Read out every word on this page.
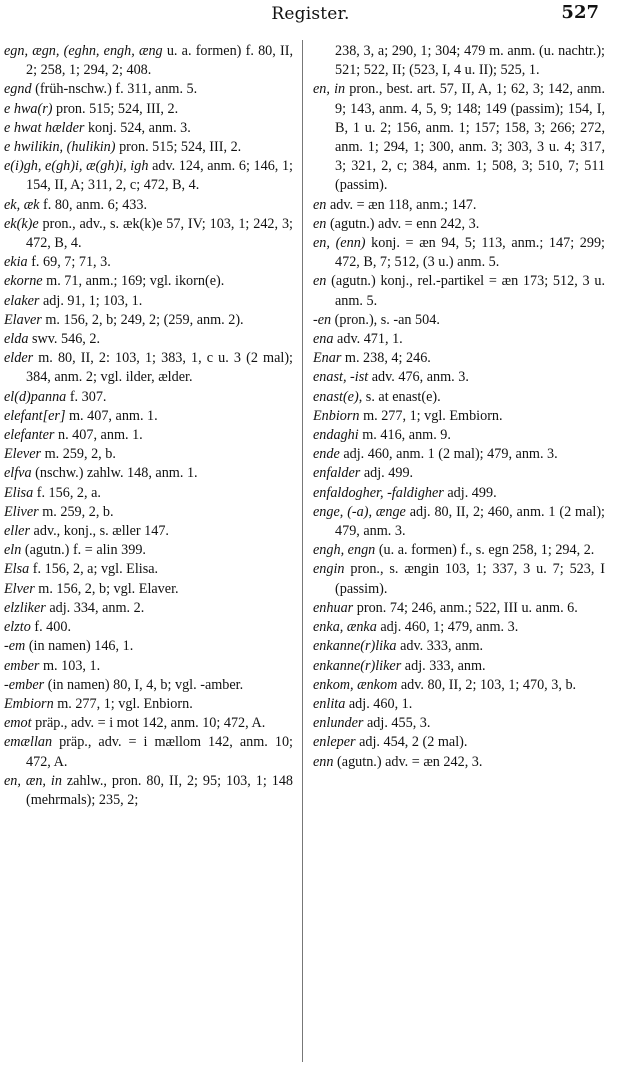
Register.	527

egn, ægn, (eghn, engh, æng u. a. formen) f. 80, II, 2; 258, 1; 294, 2; 408.

egnd (früh-nschw.) f. 311, anm. 5.

e hwa(r) pron. 515; 524, III, 2.

e hwat hælder konj. 524, anm. 3.

e hwilikin, (hulikin) pron. 515; 524, III, 2.

e(i)gh, e(gh)i, æ(gh)i, igh adv. 124, anm. 6; 146, 1; 154, II, A; 311, 2, c; 472, B, 4.

ek, æk f. 80, anm. 6; 433.

ek(k)e pron., adv., s. æk(k)e 57, IV; 103, 1; 242, 3; 472, B, 4.

ekia f. 69, 7; 71, 3.

ekorne m. 71, anm.; 169; vgl. ikorn(e).

elaker adj. 91, 1; 103, 1.

Elaver m. 156, 2, b; 249, 2; (259, anm. 2).

elda swv. 546, 2.

elder m. 80, II, 2: 103, 1; 383, 1, c u. 3 (2 mal); 384, anm. 2; vgl. ilder, ælder.

el(d)panna f. 307.

elefant[er] m. 407, anm. 1.

elefanter n. 407, anm. 1.

Elever m. 259, 2, b.

elfva (nschw.) zahlw. 148, anm. 1.

Elisa f. 156, 2, a.

Eliver m. 259, 2, b.

eller adv., konj., s. æller 147.

eln (agutn.) f. = alin 399.

Elsa f. 156, 2, a; vgl. Elisa.

Elver m. 156, 2, b; vgl. Elaver.

elzliker adj. 334, anm. 2.

elzto f. 400.

-em (in namen) 146, 1.

ember m. 103, 1.

-ember (in namen) 80, I, 4, b; vgl. -amber.

Embiorn m. 277, 1; vgl. Enbiorn.

emot präp., adv. = i mot 142, anm. 10; 472, A.

emællan präp., adv. = i mællom 142, anm. 10; 472, A.

en, æn, in zahlw., pron. 80, II, 2; 95; 103, 1; 148 (mehrmals); 235, 2;

238, 3, a; 290, 1; 304; 479 m. anm. (u. nachtr.); 521; 522, II; (523, I, 4 u. II); 525, 1.

en, in pron., best. art. 57, II, A, 1; 62, 3; 142, anm. 9; 143, anm. 4, 5, 9; 148; 149 (passim); 154, I, B, 1 u. 2; 156, anm. 1; 157; 158, 3; 266; 272, anm. 1; 294, 1; 300, anm. 3; 303, 3 u. 4; 317, 3; 321, 2, c; 384, anm. 1; 508, 3; 510, 7; 511 (passim).

en adv. = æn 118, anm.; 147.

en (agutn.) adv. = enn 242, 3.

en, (enn) konj. = æn 94, 5; 113, anm.; 147; 299; 472, B, 7; 512, (3 u.) anm. 5.

en (agutn.) konj., rel.-partikel = æn 173; 512, 3 u. anm. 5.

-en (pron.), s. -an 504.

ena adv. 471, 1.

Enar m. 238, 4; 246.

enast, -ist adv. 476, anm. 3.

enast(e), s. at enast(e).

Enbiorn m. 277, 1; vgl. Embiorn.

endaghi m. 416, anm. 9.

ende adj. 460, anm. 1 (2 mal); 479, anm. 3.

enfalder adj. 499.

enfaldogher, -faldigher adj. 499.

enge, (-a), ænge adj. 80, II, 2; 460, anm. 1 (2 mal); 479, anm. 3.

engh, engn (u. a. formen) f., s. egn 258, 1; 294, 2.

engin pron., s. ængin 103, 1; 337, 3 u. 7; 523, I (passim).

enhuar pron. 74; 246, anm.; 522, III u. anm. 6.

enka, ænka adj. 460, 1; 479, anm. 3.

enkanne(r)lika adv. 333, anm.

enkanne(r)liker adj. 333, anm.

enkom, ænkom adv. 80, II, 2; 103, 1; 470, 3, b.

enlita adj. 460, 1.

enlunder adj. 455, 3.

enleper adj. 454, 2 (2 mal).

enn (agutn.) adv. = æn 242, 3.
